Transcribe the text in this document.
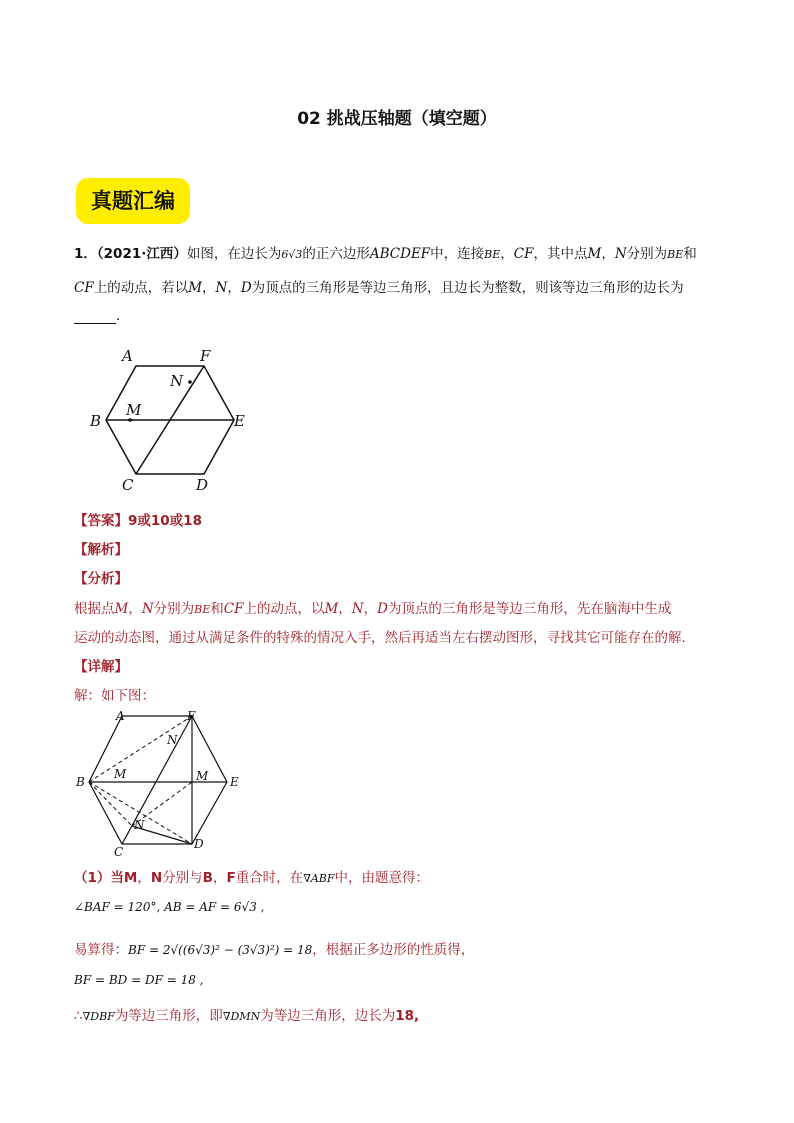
02 挑战压轴题（填空题）
真题汇编
1．（2021·江西）如图，在边长为6√3的正六边形ABCDEF中，连接BE，CF，其中点M，N分别为BE和
CF上的动点，若以M，N，D为顶点的三角形是等边三角形，且边长为整数，则该等边三角形的边长为
．
A	F
N
B
M
E
C	D
【答案】9或10或18
【解析】
【分析】
根据点M，N分别为BE和CF上的动点，以M，N，D为顶点的三角形是等边三角形，先在脑海中生成
运动的动态图，通过从满足条件的特殊的情况入手，然后再适当左右摆动图形，寻找其它可能存在的解．
【详解】
解：如下图：
A	F
N
B
M	M E
N
C
D
（1）当M，N分别与B，F重合时，在∇ABF中，由题意得：
∠BAF = 120°, AB = AF = 6√3 ,
易算得：BF = 2√((6√3)² − (3√3)²) = 18，根据正多边形的性质得，
BF = BD = DF = 18 ,
∴∇DBF为等边三角形，即∇DMN为等边三角形，边长为18,
